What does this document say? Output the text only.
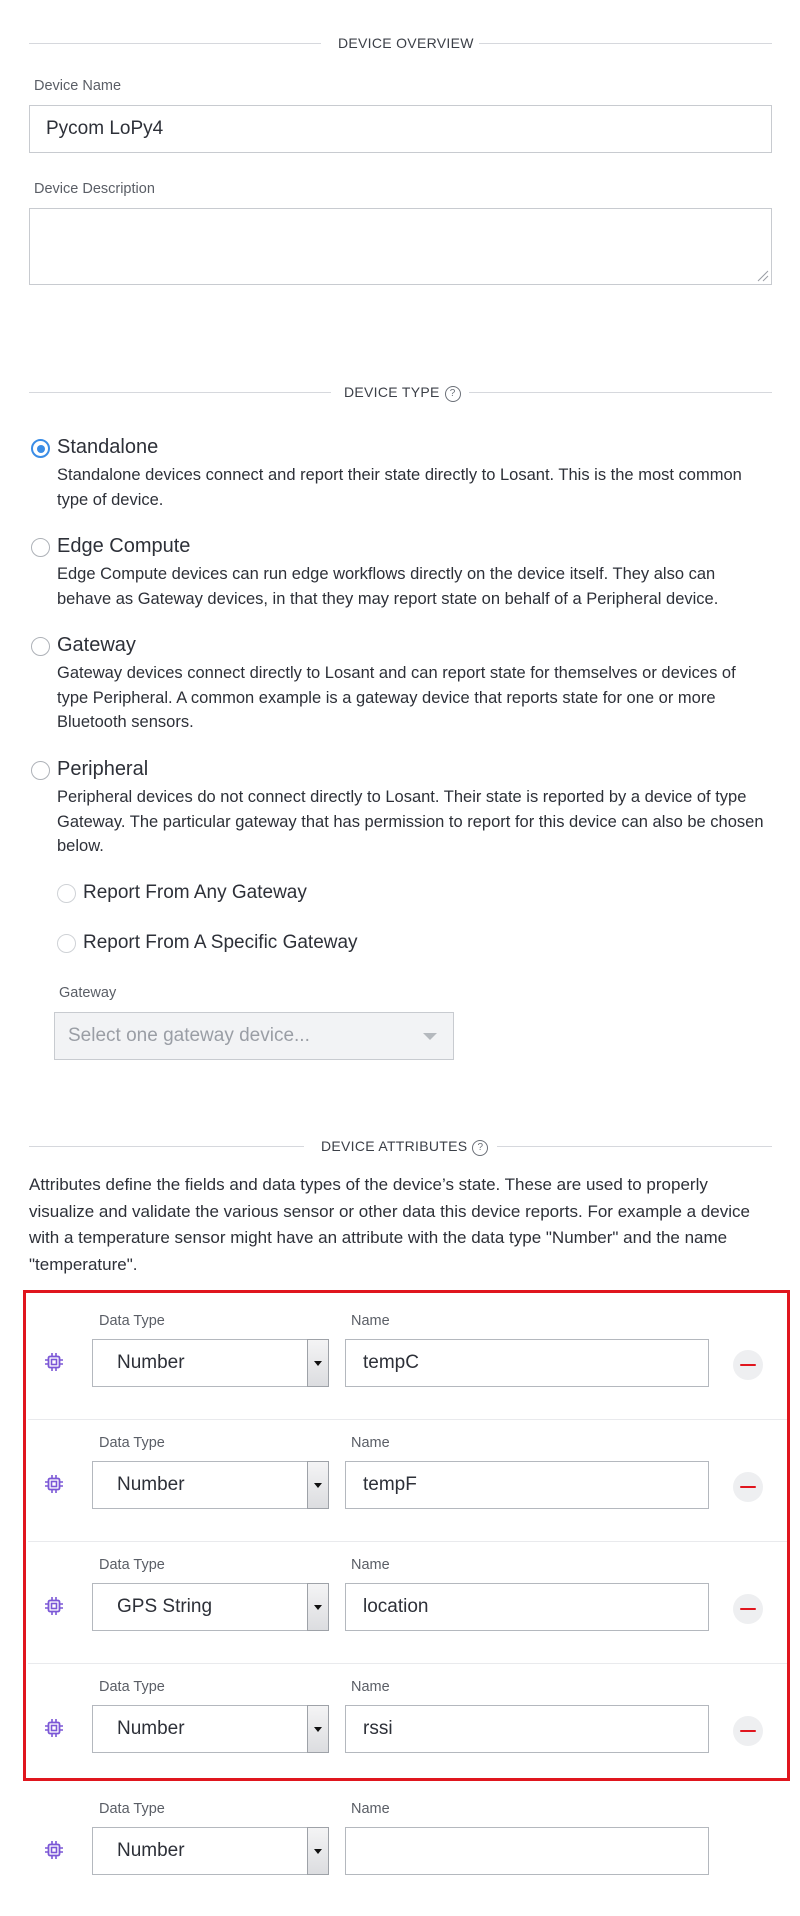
DEVICE OVERVIEW
Device Name
Pycom LoPy4
Device Description
DEVICE TYPE ?
Standalone
Standalone devices connect and report their state directly to Losant. This is the most common type of device.
Edge Compute
Edge Compute devices can run edge workflows directly on the device itself. They also can behave as Gateway devices, in that they may report state on behalf of a Peripheral device.
Gateway
Gateway devices connect directly to Losant and can report state for themselves or devices of type Peripheral. A common example is a gateway device that reports state for one or more Bluetooth sensors.
Peripheral
Peripheral devices do not connect directly to Losant. Their state is reported by a device of type Gateway. The particular gateway that has permission to report for this device can also be chosen below.
Report From Any Gateway
Report From A Specific Gateway
Gateway
Select one gateway device...
DEVICE ATTRIBUTES ?
Attributes define the fields and data types of the device’s state. These are used to properly visualize and validate the various sensor or other data this device reports. For example a device with a temperature sensor might have an attribute with the data type "Number" and the name "temperature".
Data Type	Name
Number	tempC
Data Type	Name
Number	tempF
Data Type	Name
GPS String	location
Data Type	Name
Number	rssi
Data Type	Name
Number
